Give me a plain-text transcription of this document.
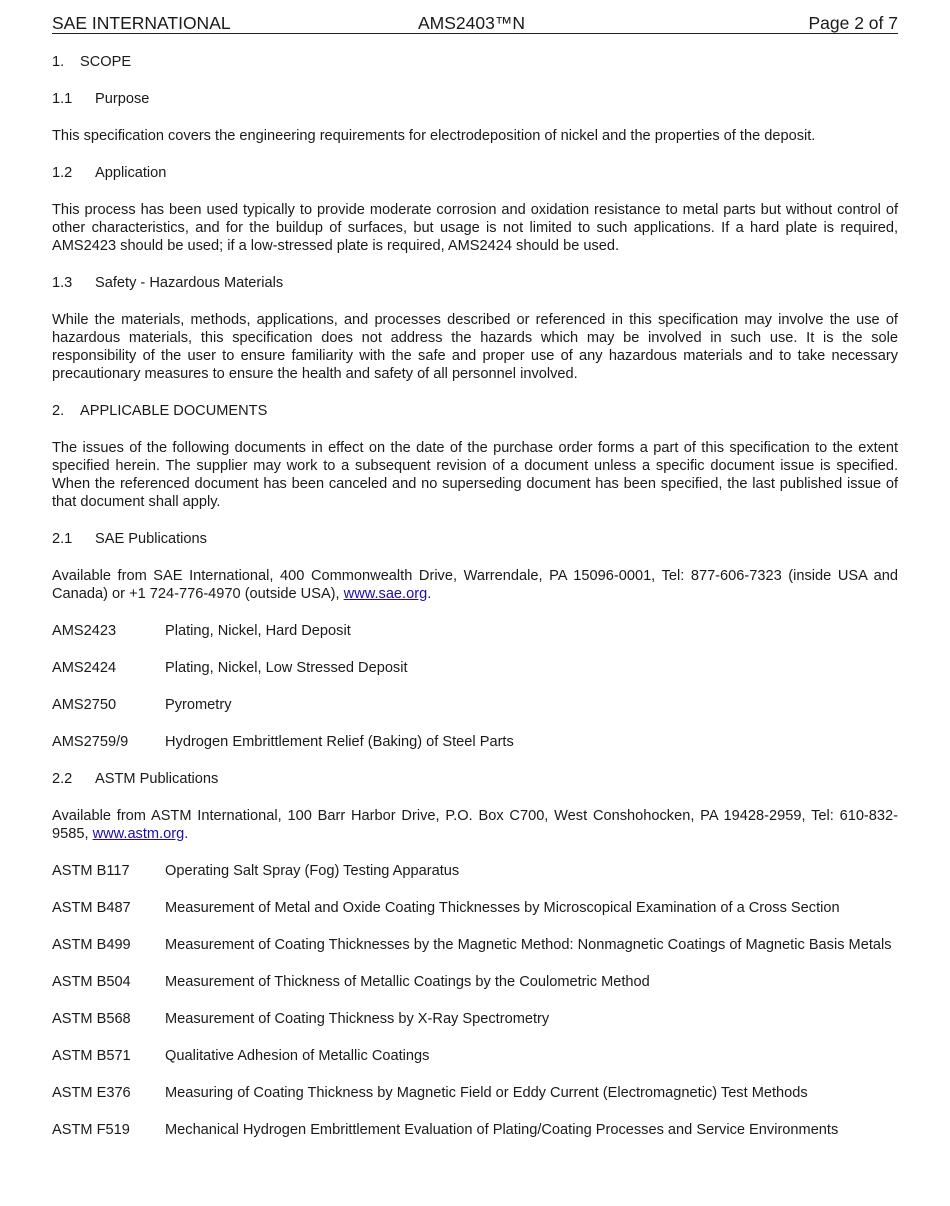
SAE INTERNATIONAL	AMS2403™N	Page 2 of 7
1. SCOPE
1.1 Purpose

This specification covers the engineering requirements for electrodeposition of nickel and the properties of the deposit.

1.2 Application

This process has been used typically to provide moderate corrosion and oxidation resistance to metal parts but without control of other characteristics, and for the buildup of surfaces, but usage is not limited to such applications. If a hard plate is required, AMS2423 should be used; if a low-stressed plate is required, AMS2424 should be used.

1.3 Safety - Hazardous Materials

While the materials, methods, applications, and processes described or referenced in this specification may involve the use of hazardous materials, this specification does not address the hazards which may be involved in such use. It is the sole responsibility of the user to ensure familiarity with the safe and proper use of any hazardous materials and to take necessary precautionary measures to ensure the health and safety of all personnel involved.

2. APPLICABLE DOCUMENTS

The issues of the following documents in effect on the date of the purchase order forms a part of this specification to the extent specified herein. The supplier may work to a subsequent revision of a document unless a specific document issue is specified. When the referenced document has been canceled and no superseding document has been specified, the last published issue of that document shall apply.

2.1 SAE Publications

Available from SAE International, 400 Commonwealth Drive, Warrendale, PA 15096-0001, Tel: 877-606-7323 (inside USA and Canada) or +1 724-776-4970 (outside USA), www.sae.org.

AMS2423	Plating, Nickel, Hard Deposit
AMS2424	Plating, Nickel, Low Stressed Deposit
AMS2750	Pyrometry
AMS2759/9	Hydrogen Embrittlement Relief (Baking) of Steel Parts
2.2 ASTM Publications

Available from ASTM International, 100 Barr Harbor Drive, P.O. Box C700, West Conshohocken, PA 19428-2959, Tel: 610-832-9585, www.astm.org.

ASTM B117	Operating Salt Spray (Fog) Testing Apparatus
ASTM B487	Measurement of Metal and Oxide Coating Thicknesses by Microscopical Examination of a Cross Section
ASTM B499	Measurement of Coating Thicknesses by the Magnetic Method: Nonmagnetic Coatings of Magnetic Basis Metals
ASTM B504	Measurement of Thickness of Metallic Coatings by the Coulometric Method
ASTM B568	Measurement of Coating Thickness by X-Ray Spectrometry
ASTM B571	Qualitative Adhesion of Metallic Coatings
ASTM E376	Measuring of Coating Thickness by Magnetic Field or Eddy Current (Electromagnetic) Test Methods
ASTM F519	Mechanical Hydrogen Embrittlement Evaluation of Plating/Coating Processes and Service Environments
